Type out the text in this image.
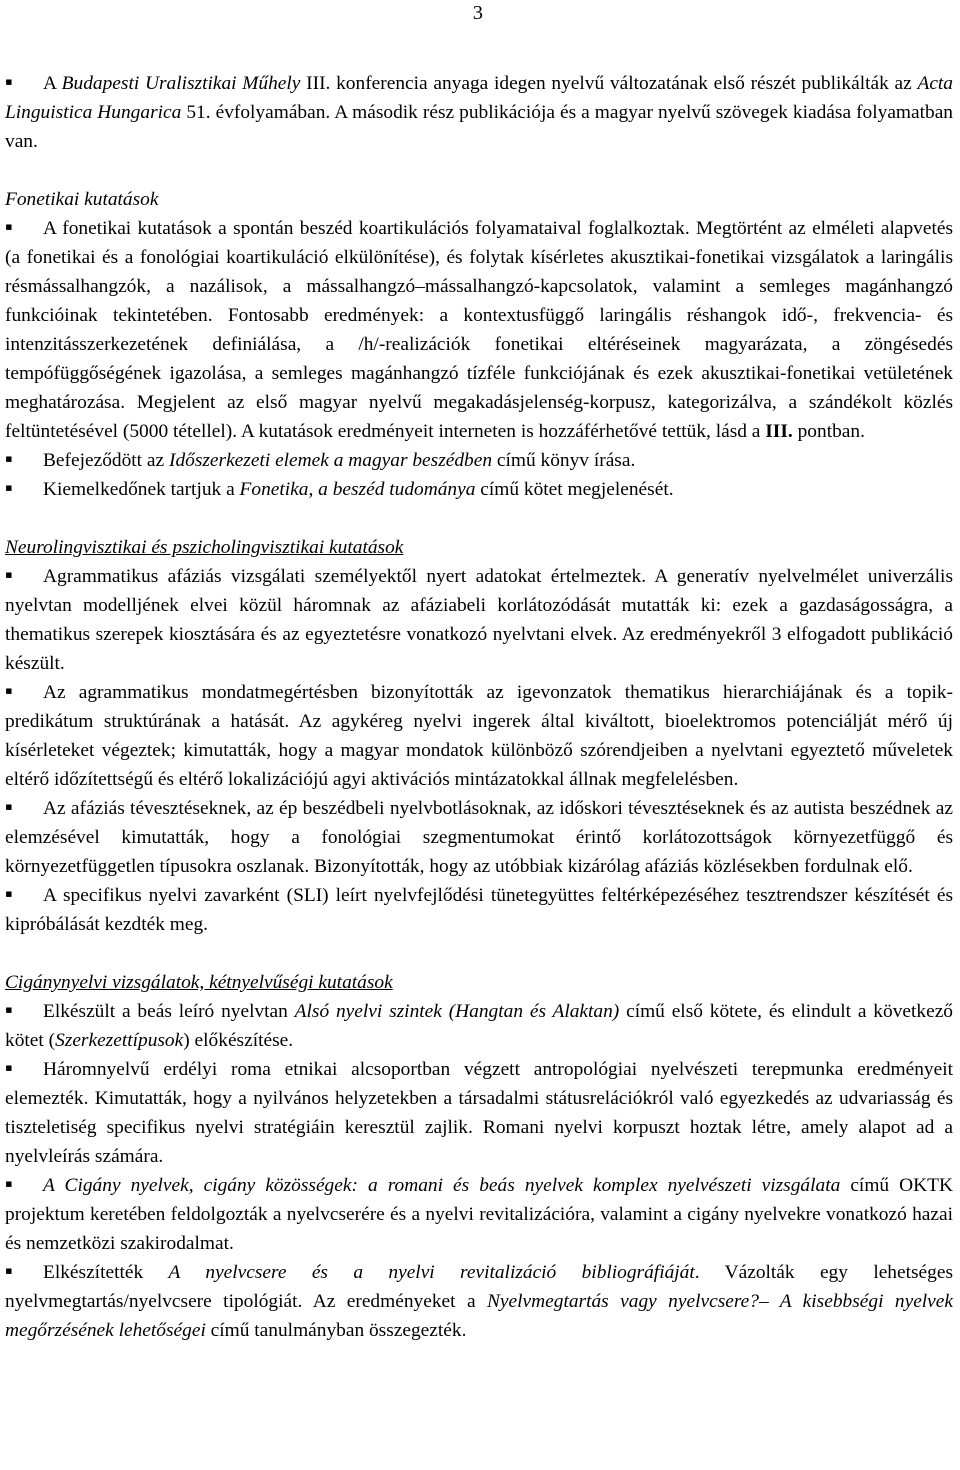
3

▪ A Budapesti Uralisztikai Műhely III. konferencia anyaga idegen nyelvű változatának első részét publikálták az Acta Linguistica Hungarica 51. évfolyamában. A második rész publikációja és a magyar nyelvű szövegek kiadása folyamatban van.

Fonetikai kutatások

▪ A fonetikai kutatások a spontán beszéd koartikulációs folyamataival foglalkoztak. Megtörtént az elméleti alapvetés (a fonetikai és a fonológiai koartikuláció elkülönítése), és folytak kísérletes akusztikai-fonetikai vizsgálatok a laringális résmássalhangzók, a nazálisok, a mássalhangzó–mássalhangzó-kapcsolatok, valamint a semleges magánhangzó funkcióinak tekintetében. Fontosabb eredmények: a kontextusfüggő laringális réshangok idő-, frekvencia- és intenzitásszerkezetének definiálása, a /h/-realizációk fonetikai eltéréseinek magyarázata, a zöngésedés tempófüggőségének igazolása, a semleges magánhangzó tízféle funkciójának és ezek akusztikai-fonetikai vetületének meghatározása. Megjelent az első magyar nyelvű megakadásjelenség-korpusz, kategorizálva, a szándékolt közlés feltüntetésével (5000 tétellel). A kutatások eredményeit interneten is hozzáférhetővé tettük, lásd a III. pontban.

▪ Befejeződött az Időszerkezeti elemek a magyar beszédben című könyv írása.

▪ Kiemelkedőnek tartjuk a Fonetika, a beszéd tudománya című kötet megjelenését.

Neurolingvisztikai és pszicholingvisztikai kutatások

▪ Agrammatikus afáziás vizsgálati személyektől nyert adatokat értelmeztek. A generatív nyelvelmélet univerzális nyelvtan modelljének elvei közül háromnak az afáziabeli korlátozódását mutatták ki: ezek a gazdaságosságra, a thematikus szerepek kiosztására és az egyeztetésre vonatkozó nyelvtani elvek. Az eredményekről 3 elfogadott publikáció készült.

▪ Az agrammatikus mondatmegértésben bizonyították az igevonzatok thematikus hierarchiájának és a topik-predikátum struktúrának a hatását. Az agykéreg nyelvi ingerek által kiváltott, bioelektromos potenciálját mérő új kísérleteket végeztek; kimutatták, hogy a magyar mondatok különböző szórendjeiben a nyelvtani egyeztető műveletek eltérő időzítettségű és eltérő lokalizációjú agyi aktivációs mintázatokkal állnak megfelelésben.

▪ Az afáziás tévesztéseknek, az ép beszédbeli nyelvbotlásoknak, az időskori tévesztéseknek és az autista beszédnek az elemzésével kimutatták, hogy a fonológiai szegmentumokat érintő korlátozottságok környezetfüggő és környezetfüggetlen típusokra oszlanak. Bizonyították, hogy az utóbbiak kizárólag afáziás közlésekben fordulnak elő.

▪ A specifikus nyelvi zavarként (SLI) leírt nyelvfejlődési tünetegyüttes feltérképezéséhez tesztrendszer készítését és kipróbálását kezdték meg.

Cigánynyelvi vizsgálatok, kétnyelvűségi kutatások

▪ Elkészült a beás leíró nyelvtan Alsó nyelvi szintek (Hangtan és Alaktan) című első kötete, és elindult a következő kötet (Szerkezettípusok) előkészítése.

▪ Háromnyelvű erdélyi roma etnikai alcsoportban végzett antropológiai nyelvészeti terepmunka eredményeit elemezték. Kimutatták, hogy a nyilvános helyzetekben a társadalmi státusrelációkról való egyezkedés az udvariasság és tiszteletiség specifikus nyelvi stratégiáin keresztül zajlik. Romani nyelvi korpuszt hoztak létre, amely alapot ad a nyelvleírás számára.

▪ A Cigány nyelvek, cigány közösségek: a romani és beás nyelvek komplex nyelvészeti vizsgálata című OKTK projektum keretében feldolgozták a nyelvcserére és a nyelvi revitalizációra, valamint a cigány nyelvekre vonatkozó hazai és nemzetközi szakirodalmat.

▪ Elkészítették A nyelvcsere és a nyelvi revitalizáció bibliográfiáját. Vázolták egy lehetséges nyelvmegtartás/nyelvcsere tipológiát. Az eredményeket a Nyelvmegtartás vagy nyelvcsere?– A kisebbségi nyelvek megőrzésének lehetőségei című tanulmányban összegezték.
